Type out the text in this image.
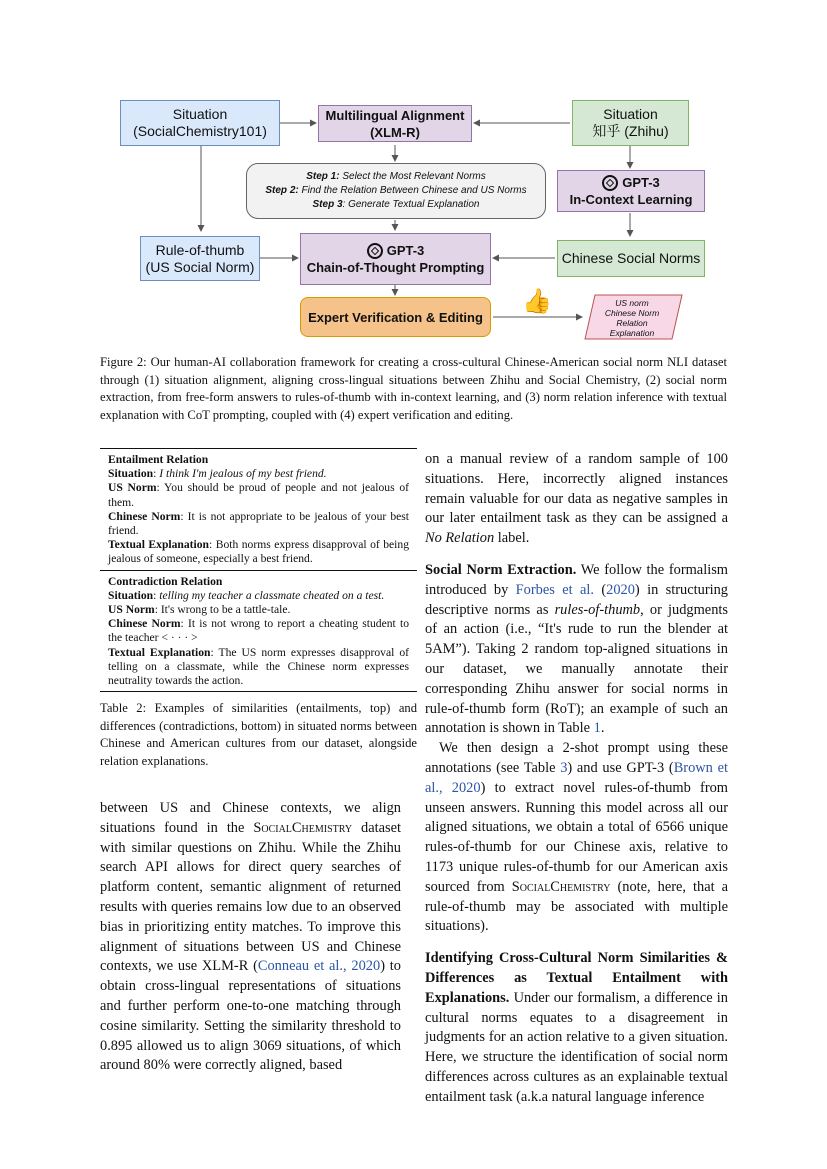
Situation
(SocialChemistry101)
Multilingual Alignment
(XLM-R)
Situation
知乎 (Zhihu)
Step 1: Select the Most Relevant Norms
Step 2: Find the Relation Between Chinese and US Norms
Step 3: Generate Textual Explanation
GPT-3
In-Context Learning
Rule-of-thumb
(US Social Norm)
GPT-3
Chain-of-Thought Prompting
Chinese Social Norms
Expert Verification & Editing
👍	US norm
Chinese Norm
Relation
Explanation
Figure 2: Our human-AI collaboration framework for creating a cross-cultural Chinese-American social norm NLI dataset through (1) situation alignment, aligning cross-lingual situations between Zhihu and Social Chemistry, (2) social norm extraction, from free-form answers to rules-of-thumb with in-context learning, and (3) norm relation inference with textual explanation with CoT prompting, coupled with (4) expert verification and editing.
Entailment Relation
Situation: I think I'm jealous of my best friend.
US Norm: You should be proud of people and not jealous of them.
Chinese Norm: It is not appropriate to be jealous of your best friend.
Textual Explanation: Both norms express disapproval of being jealous of someone, especially a best friend.
Contradiction Relation
Situation: telling my teacher a classmate cheated on a test.
US Norm: It's wrong to be a tattle-tale.
Chinese Norm: It is not wrong to report a cheating student to the teacher < · · · >
Textual Explanation: The US norm expresses disapproval of telling on a classmate, while the Chinese norm expresses neutrality towards the action.
Table 2: Examples of similarities (entailments, top) and differences (contradictions, bottom) in situated norms between Chinese and American cultures from our dataset, alongside relation explanations.

between US and Chinese contexts, we align situations found in the SocialChemistry dataset with similar questions on Zhihu. While the Zhihu search API allows for direct query searches of platform content, semantic alignment of returned results with queries remains low due to an observed bias in prioritizing entity matches. To improve this alignment of situations between US and Chinese contexts, we use XLM-R (Conneau et al., 2020) to obtain cross-lingual representations of situations and further perform one-to-one matching through cosine similarity. Setting the similarity threshold to 0.895 allowed us to align 3069 situations, of which around 80% were correctly aligned, based

on a manual review of a random sample of 100 situations. Here, incorrectly aligned instances remain valuable for our data as negative samples in our later entailment task as they can be assigned a No Relation label.

Social Norm Extraction. We follow the formalism introduced by Forbes et al. (2020) in structuring descriptive norms as rules-of-thumb, or judgments of an action (i.e., “It's rude to run the blender at 5AM”). Taking 2 random top-aligned situations in our dataset, we manually annotate their corresponding Zhihu answer for social norms in rule-of-thumb form (RoT); an example of such an annotation is shown in Table 1.

We then design a 2-shot prompt using these annotations (see Table 3) and use GPT-3 (Brown et al., 2020) to extract novel rules-of-thumb from unseen answers. Running this model across all our aligned situations, we obtain a total of 6566 unique rules-of-thumb for our Chinese axis, relative to 1173 unique rules-of-thumb for our American axis sourced from SocialChemistry (note, here, that a rule-of-thumb may be associated with multiple situations).

Identifying Cross-Cultural Norm Similarities & Differences as Textual Entailment with Explanations. Under our formalism, a difference in cultural norms equates to a disagreement in judgments for an action relative to a given situation. Here, we structure the identification of social norm differences across cultures as an explainable textual entailment task (a.k.a natural language inference
